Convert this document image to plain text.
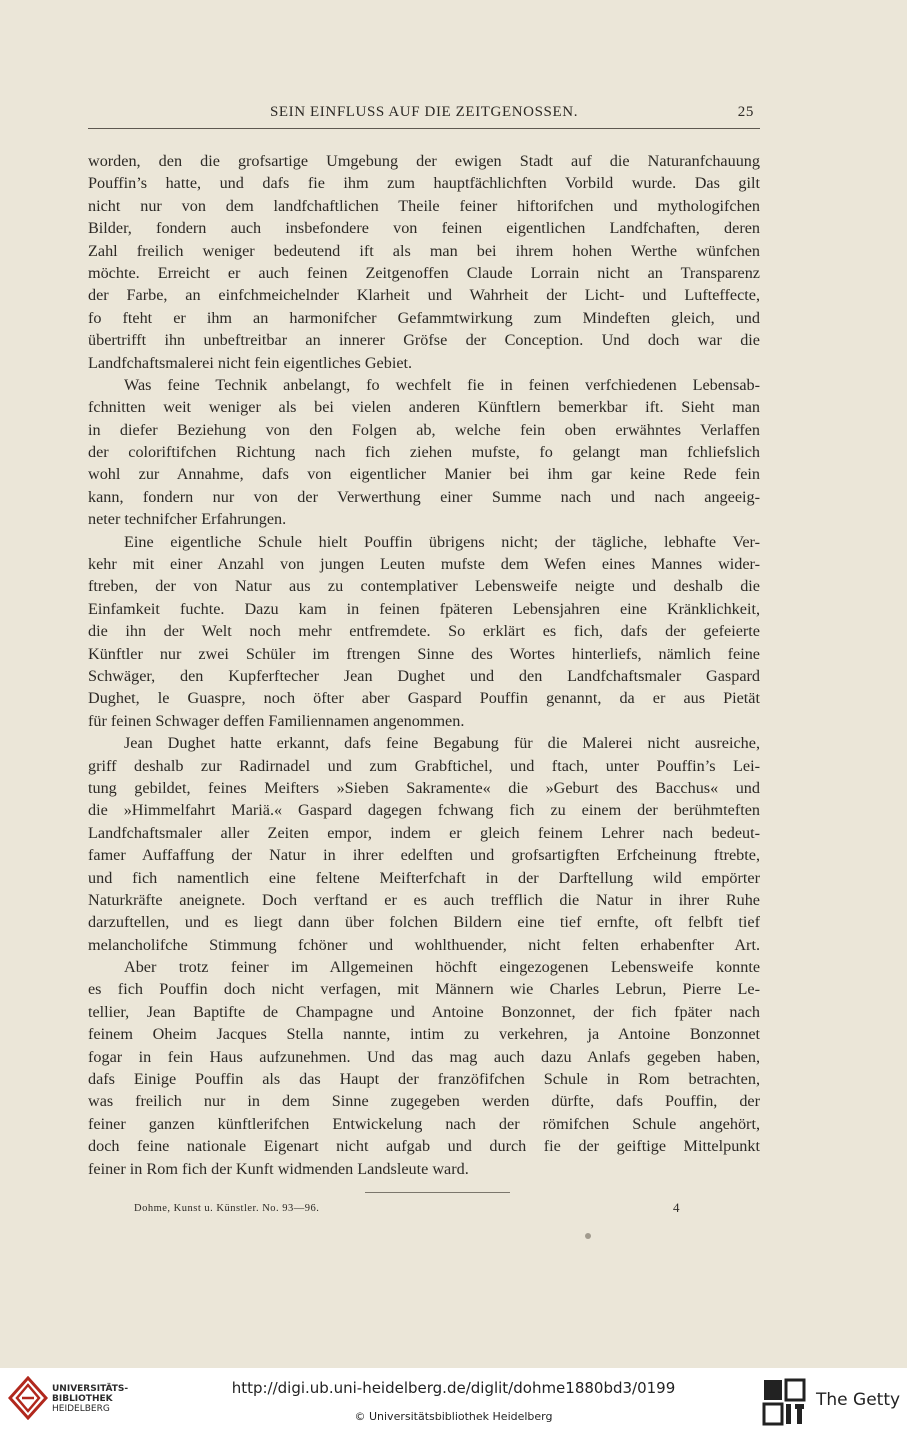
SEIN EINFLUSS AUF DIE ZEITGENOSSEN.	25
worden, den die grofsartige Umgebung der ewigen Stadt auf die Naturanfchauung
Pouffin’s hatte, und dafs fie ihm zum hauptfächlichften Vorbild wurde. Das gilt
nicht nur von dem landfchaftlichen Theile feiner hiftorifchen und mythologifchen
Bilder, fondern auch insbefondere von feinen eigentlichen Landfchaften, deren
Zahl freilich weniger bedeutend ift als man bei ihrem hohen Werthe wünfchen
möchte. Erreicht er auch feinen Zeitgenoffen Claude Lorrain nicht an Transparenz
der Farbe, an einfchmeichelnder Klarheit und Wahrheit der Licht- und Lufteffecte,
fo fteht er ihm an harmonifcher Gefammtwirkung zum Mindeften gleich, und
übertrifft ihn unbeftreitbar an innerer Gröfse der Conception. Und doch war die
Landfchaftsmalerei nicht fein eigentliches Gebiet.
Was feine Technik anbelangt, fo wechfelt fie in feinen verfchiedenen Lebensab-
fchnitten weit weniger als bei vielen anderen Künftlern bemerkbar ift. Sieht man
in diefer Beziehung von den Folgen ab, welche fein oben erwähntes Verlaffen
der coloriftifchen Richtung nach fich ziehen mufste, fo gelangt man fchliefslich
wohl zur Annahme, dafs von eigentlicher Manier bei ihm gar keine Rede fein
kann, fondern nur von der Verwerthung einer Summe nach und nach angeeig-
neter technifcher Erfahrungen.
Eine eigentliche Schule hielt Pouffin übrigens nicht; der tägliche, lebhafte Ver-
kehr mit einer Anzahl von jungen Leuten mufste dem Wefen eines Mannes wider-
ftreben, der von Natur aus zu contemplativer Lebensweife neigte und deshalb die
Einfamkeit fuchte. Dazu kam in feinen fpäteren Lebensjahren eine Kränklichkeit,
die ihn der Welt noch mehr entfremdete. So erklärt es fich, dafs der gefeierte
Künftler nur zwei Schüler im ftrengen Sinne des Wortes hinterliefs, nämlich feine
Schwäger, den Kupferftecher Jean Dughet und den Landfchaftsmaler Gaspard
Dughet, le Guaspre, noch öfter aber Gaspard Pouffin genannt, da er aus Pietät
für feinen Schwager deffen Familiennamen angenommen.
Jean Dughet hatte erkannt, dafs feine Begabung für die Malerei nicht ausreiche,
griff deshalb zur Radirnadel und zum Grabftichel, und ftach, unter Pouffin’s Lei-
tung gebildet, feines Meifters »Sieben Sakramente« die »Geburt des Bacchus« und
die »Himmelfahrt Mariä.« Gaspard dagegen fchwang fich zu einem der berühmteften
Landfchaftsmaler aller Zeiten empor, indem er gleich feinem Lehrer nach bedeut-
famer Auffaffung der Natur in ihrer edelften und grofsartigften Erfcheinung ftrebte,
und fich namentlich eine feltene Meifterfchaft in der Darftellung wild empörter
Naturkräfte aneignete. Doch verftand er es auch trefflich die Natur in ihrer Ruhe
darzuftellen, und es liegt dann über folchen Bildern eine tief ernfte, oft felbft tief
melancholifche Stimmung fchöner und wohlthuender, nicht felten erhabenfter Art.
Aber trotz feiner im Allgemeinen höchft eingezogenen Lebensweife konnte
es fich Pouffin doch nicht verfagen, mit Männern wie Charles Lebrun, Pierre Le-
tellier, Jean Baptifte de Champagne und Antoine Bonzonnet, der fich fpäter nach
feinem Oheim Jacques Stella nannte, intim zu verkehren, ja Antoine Bonzonnet
fogar in fein Haus aufzunehmen. Und das mag auch dazu Anlafs gegeben haben,
dafs Einige Pouffin als das Haupt der franzöfifchen Schule in Rom betrachten,
was freilich nur in dem Sinne zugegeben werden dürfte, dafs Pouffin, der
feiner ganzen künftlerifchen Entwickelung nach der römifchen Schule angehört,
doch feine nationale Eigenart nicht aufgab und durch fie der geiftige Mittelpunkt
feiner in Rom fich der Kunft widmenden Landsleute ward.
Dohme, Kunst u. Künstler. No. 93—96.	4
UNIVERSITÄTS-
BIBLIOTHEK
HEIDELBERG
http://digi.ub.uni-heidelberg.de/diglit/dohme1880bd3/0199
© Universitätsbibliothek Heidelberg
The Getty
